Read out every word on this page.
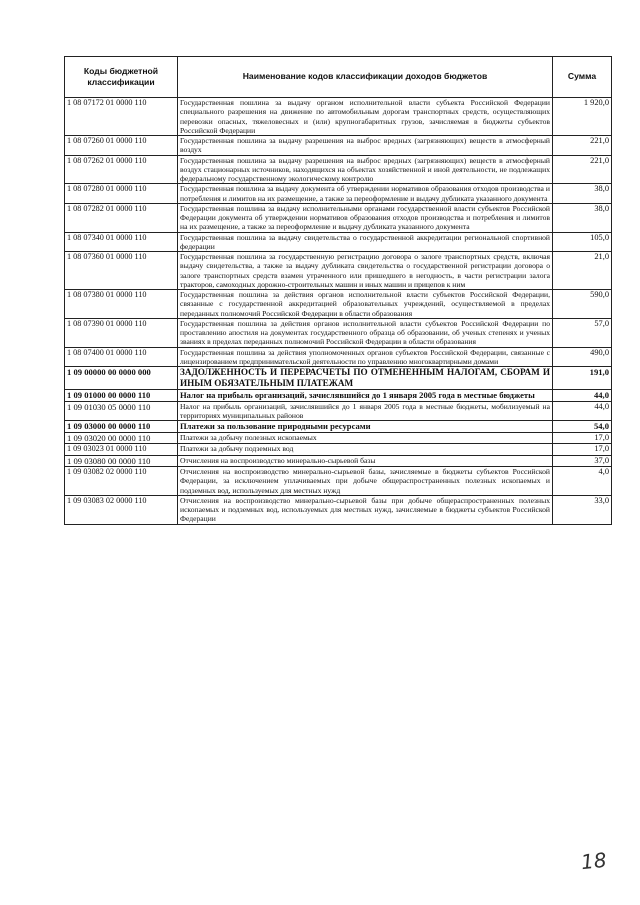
Коды бюджетной классификации	Наименование кодов классификации доходов бюджетов	Сумма
1 08 07172 01 0000 110	Государственная пошлина за выдачу органом исполнительной власти субъекта Российской Федерации специального разрешения на движение по автомобильным дорогам транспортных средств, осуществляющих перевозки опасных, тяжеловесных и (или) крупногабаритных грузов, зачисляемая в бюджеты субъектов Российской Федерации	1 920,0
1 08 07260 01 0000 110	Государственная пошлина за выдачу разрешения на выброс вредных (загрязняющих) веществ в атмосферный воздух	221,0
1 08 07262 01 0000 110	Государственная пошлина за выдачу разрешения на выброс вредных (загрязняющих) веществ в атмосферный воздух стационарных источников, находящихся на объектах хозяйственной и иной деятельности, не подлежащих федеральному государственному экологическому контролю	221,0
1 08 07280 01 0000 110	Государственная пошлина за выдачу документа об утверждении нормативов образования отходов производства и потребления и лимитов на их размещение, а также за переоформление и выдачу дубликата указанного документа	38,0
1 08 07282 01 0000 110	Государственная пошлина за выдачу исполнительными органами государственной власти субъектов Российской Федерации документа об утверждении нормативов образования отходов производства и потребления и лимитов на их размещение, а также за переоформление и выдачу дубликата указанного документа	38,0
1 08 07340 01 0000 110	Государственная пошлина за выдачу свидетельства о государственной аккредитации региональной спортивной федерации	105,0
1 08 07360 01 0000 110	Государственная пошлина за государственную регистрацию договора о залоге транспортных средств, включая выдачу свидетельства, а также за выдачу дубликата свидетельства о государственной регистрации договора о залоге транспортных средств взамен утраченного или пришедшего в негодность, в части регистрации залога тракторов, самоходных дорожно-строительных машин и иных машин и прицепов к ним	21,0
1 08 07380 01 0000 110	Государственная пошлина за действия органов исполнительной власти субъектов Российской Федерации, связанные с государственной аккредитацией образовательных учреждений, осуществляемой в пределах переданных полномочий Российской Федерации в области образования	590,0
1 08 07390 01 0000 110	Государственная пошлина за действия органов исполнительной власти субъектов Российской Федерации по проставлению апостиля на документах государственного образца об образовании, об ученых степенях и ученых званиях в пределах переданных полномочий Российской Федерации в области образования	57,0
1 08 07400 01 0000 110	Государственная пошлина за действия уполномоченных органов субъектов Российской Федерации, связанные с лицензированием предпринимательской деятельности по управлению многоквартирными домами	490,0
1 09 00000 00 0000 000	ЗАДОЛЖЕННОСТЬ И ПЕРЕРАСЧЕТЫ ПО ОТМЕНЕННЫМ НАЛОГАМ, СБОРАМ И ИНЫМ ОБЯЗАТЕЛЬНЫМ ПЛАТЕЖАМ	191,0
1 09 01000 00 0000 110	Налог на прибыль организаций, зачислявшийся до 1 января 2005 года в местные бюджеты	44,0
1 09 01030 05 0000 110	Налог на прибыль организаций, зачислявшийся до 1 января 2005 года в местные бюджеты, мобилизуемый на территориях муниципальных районов	44,0
1 09 03000 00 0000 110	Платежи за пользование природными ресурсами	54,0
1 09 03020 00 0000 110	Платежи за добычу полезных ископаемых	17,0
1 09 03023 01 0000 110	Платежи за добычу подземных вод	17,0
1 09 03080 00 0000 110	Отчисления на воспроизводство минерально-сырьевой базы	37,0
1 09 03082 02 0000 110	Отчисления на воспроизводство минерально-сырьевой базы, зачисляемые в бюджеты субъектов Российской Федерации, за исключением уплачиваемых при добыче общераспространенных полезных ископаемых и подземных вод, используемых для местных нужд	4,0
1 09 03083 02 0000 110	Отчисления на воспроизводство минерально-сырьевой базы при добыче общераспространенных полезных ископаемых и подземных вод, используемых для местных нужд, зачисляемые в бюджеты субъектов Российской Федерации	33,0
18
